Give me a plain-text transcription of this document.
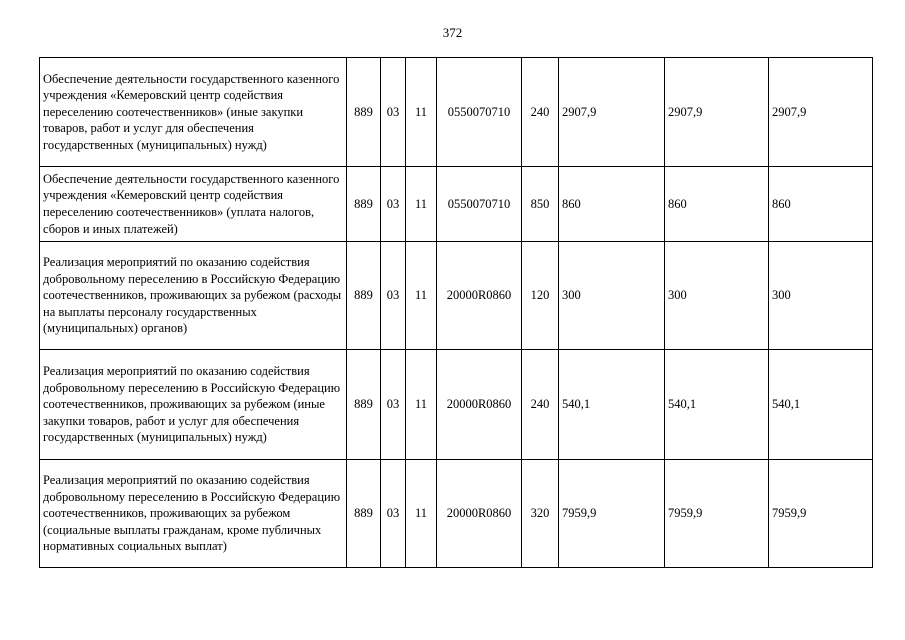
372
Обеспечение деятельности государственного казенного учреждения «Кемеровский центр содействия переселению соотечественников» (иные закупки товаров, работ и услуг для обеспечения государственных (муниципальных) нужд)	889	03	11	0550070710	240	2907,9	2907,9	2907,9
Обеспечение деятельности государственного казенного учреждения «Кемеровский центр содействия переселению соотечественников» (уплата налогов, сборов и иных платежей)	889	03	11	0550070710	850	860	860	860
Реализация мероприятий по оказанию содействия добровольному переселению в Российскую Федерацию соотечественников, проживающих за рубежом (расходы на выплаты персоналу государственных (муниципальных) органов)	889	03	11	20000R0860	120	300	300	300
Реализация мероприятий по оказанию содействия добровольному переселению в Российскую Федерацию соотечественников, проживающих за рубежом (иные закупки товаров, работ и услуг для обеспечения государственных (муниципальных) нужд)	889	03	11	20000R0860	240	540,1	540,1	540,1
Реализация мероприятий по оказанию содействия добровольному переселению в Российскую Федерацию соотечественников, проживающих за рубежом (социальные выплаты гражданам, кроме публичных нормативных социальных выплат)	889	03	11	20000R0860	320	7959,9	7959,9	7959,9
